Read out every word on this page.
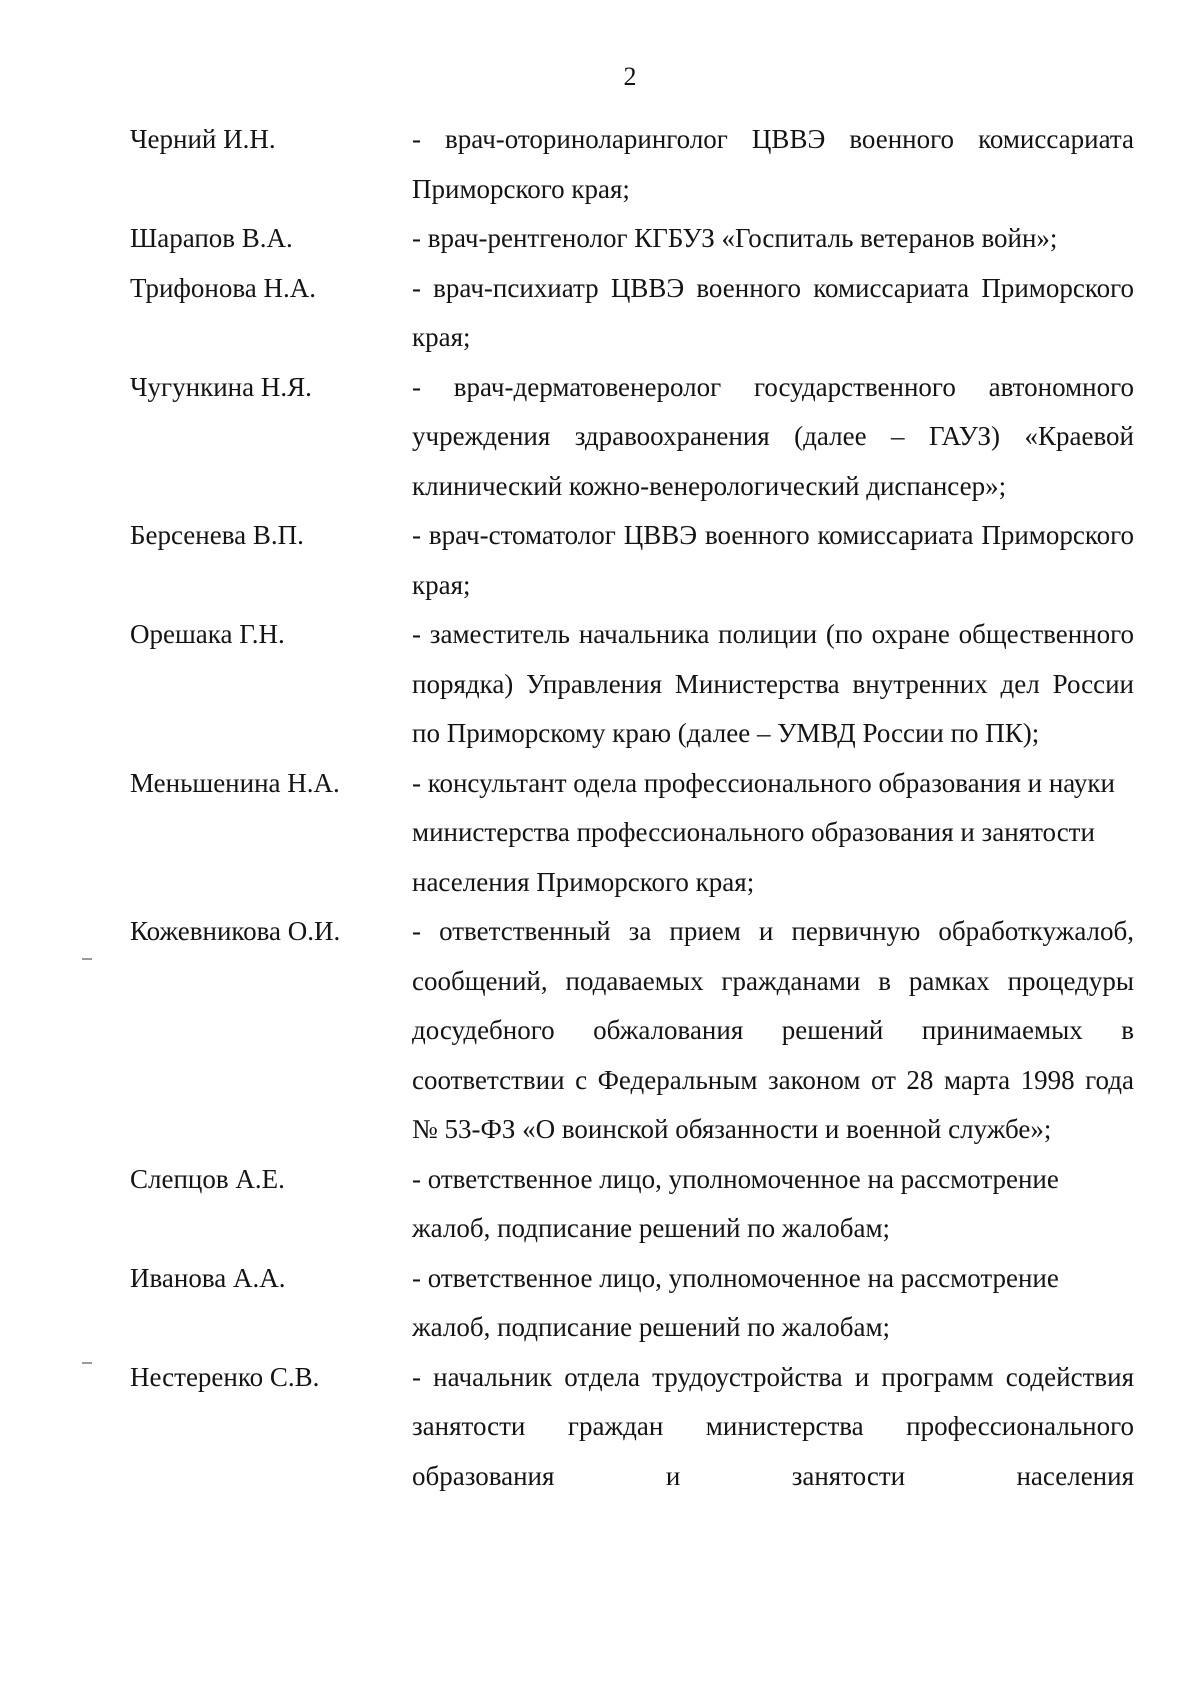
2
Черний И.Н.	- врач-оториноларинголог ЦВВЭ военного комиссариата Приморского края;
Шарапов В.А.	- врач-рентгенолог КГБУЗ «Госпиталь ветеранов войн»;
Трифонова Н.А.	- врач-психиатр ЦВВЭ военного комиссариата Приморского края;
Чугункина Н.Я.	- врач-дерматовенеролог государственного автономного учреждения здравоохранения (далее – ГАУЗ) «Краевой клинический кожно-венерологический диспансер»;
Берсенева В.П.	- врач-стоматолог ЦВВЭ военного комиссариата Приморского края;
Орешака Г.Н.	- заместитель начальника полиции (по охране общественного порядка) Управления Министерства внутренних дел России по Приморскому краю (далее – УМВД России по ПК);
Меньшенина Н.А.	- консультант одела профессионального образования и науки министерства профессионального образования и занятости населения Приморского края;
Кожевникова О.И.	- ответственный за прием и первичную обработкужалоб, сообщений, подаваемых гражданами в рамках процедуры досудебного обжалования решений принимаемых в соответствии с Федеральным законом от 28 марта 1998 года № 53-ФЗ «О воинской обязанности и военной службе»;
Слепцов А.Е.	- ответственное лицо, уполномоченное на рассмотрение жалоб, подписание решений по жалобам;
Иванова А.А.	- ответственное лицо, уполномоченное на рассмотрение жалоб, подписание решений по жалобам;
Нестеренко С.В.	- начальник отдела трудоустройства и программ содействия занятости граждан министерства профессионального образования и занятости населения
